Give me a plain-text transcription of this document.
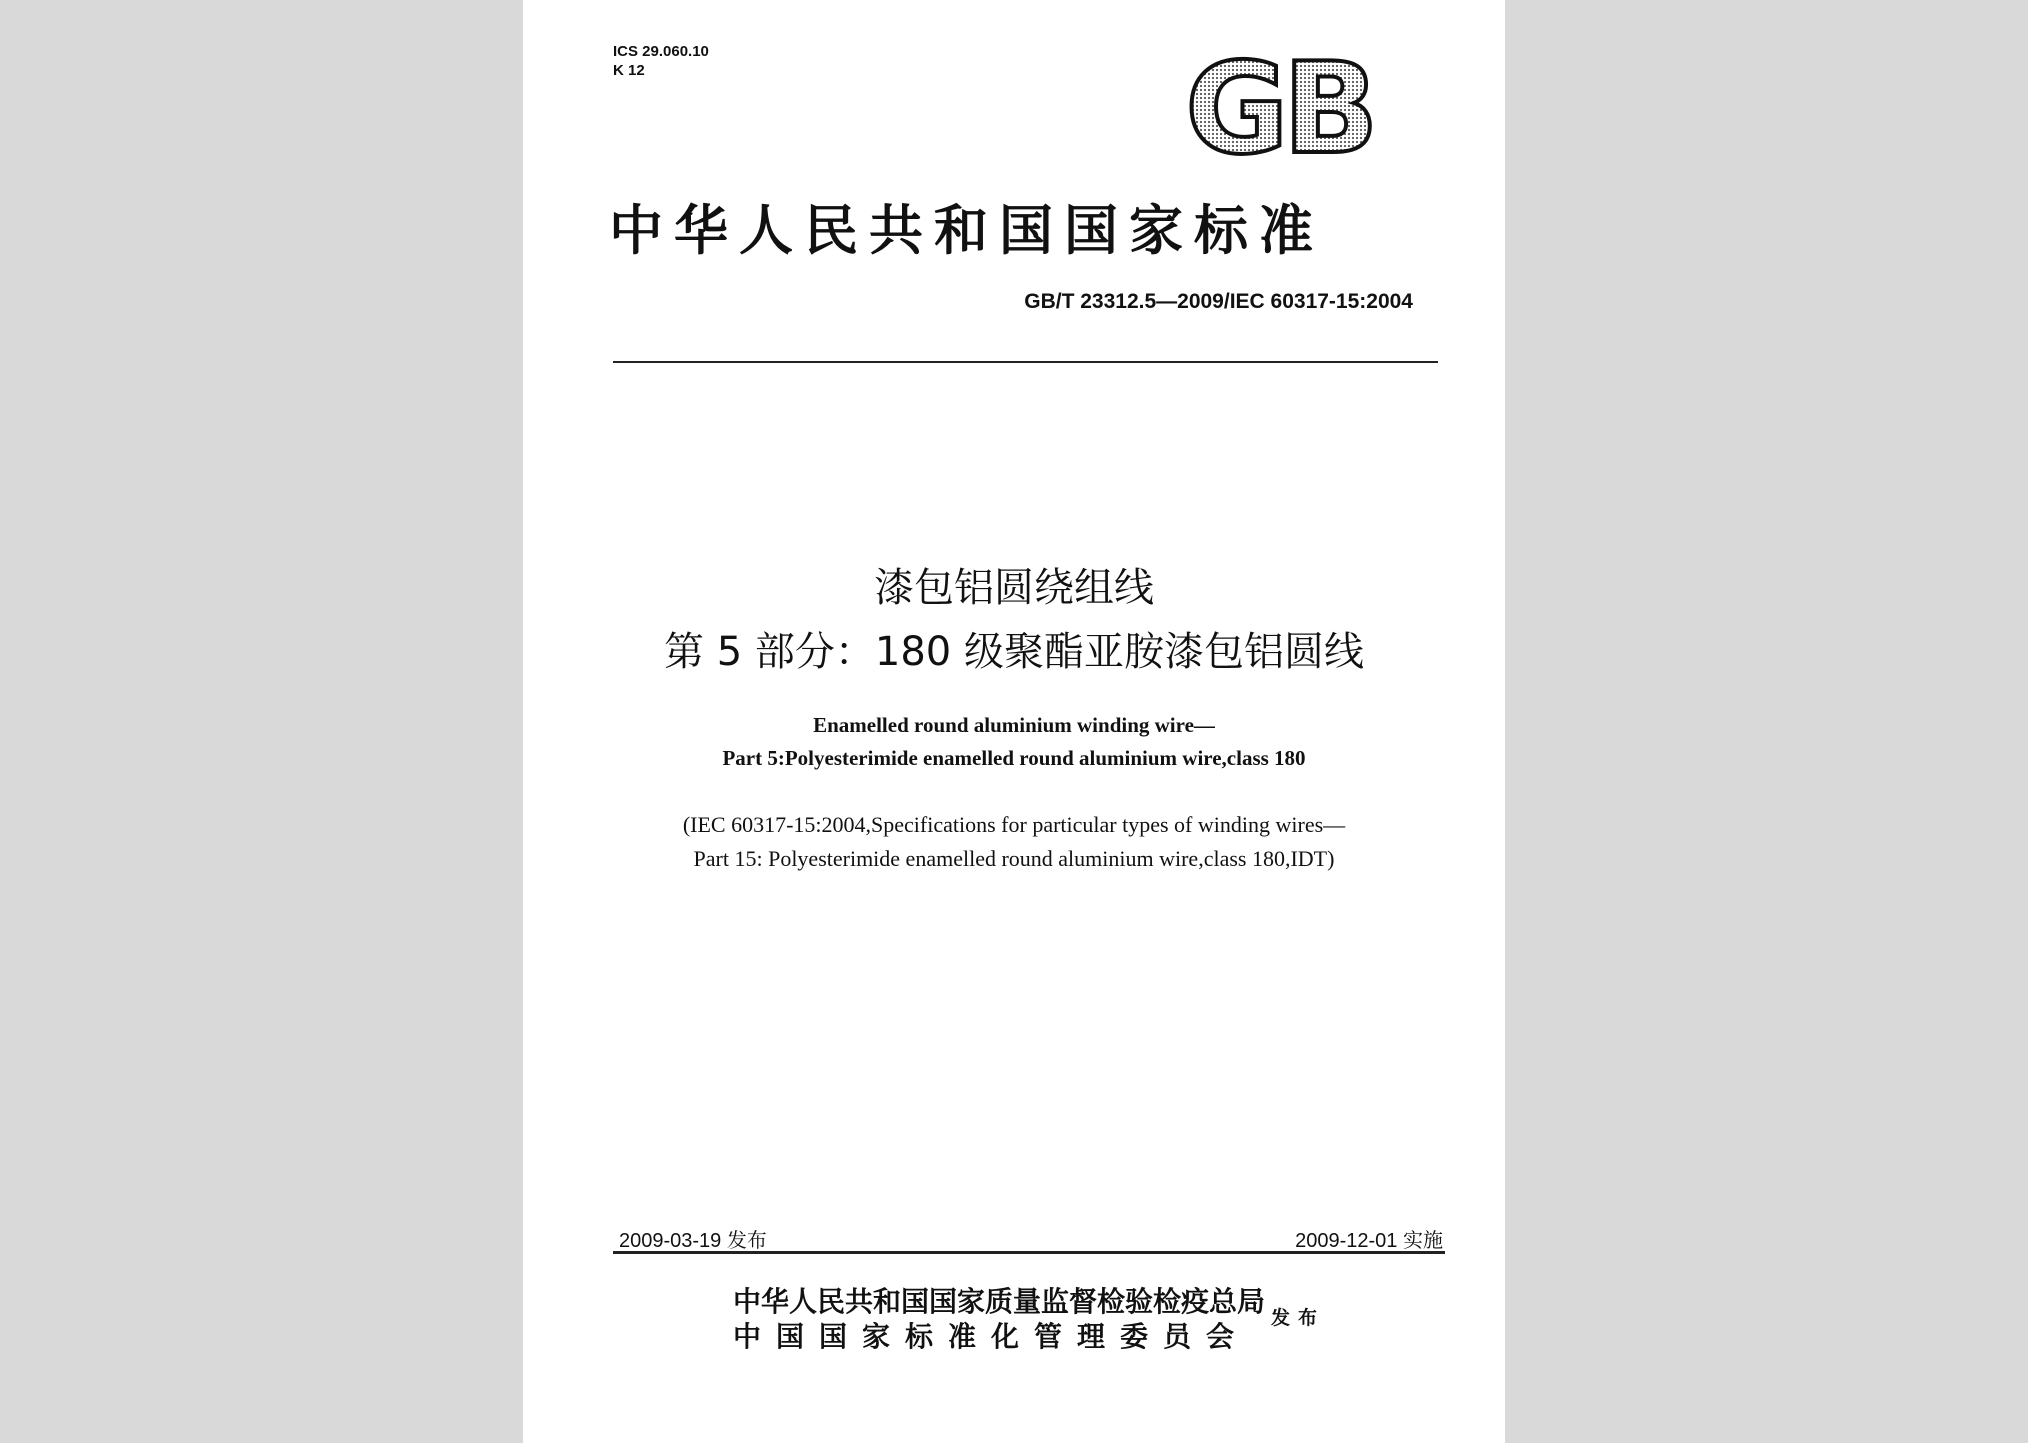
ICS 29.060.10
K 12	GB
中华人民共和国国家标准
GB/T 23312.5—2009/IEC 60317-15:2004
漆包铝圆绕组线
第 5 部分：180 级聚酯亚胺漆包铝圆线
Enamelled round aluminium winding wire—
Part 5:Polyesterimide enamelled round aluminium wire,class 180
(IEC 60317-15:2004,Specifications for particular types of winding wires—
Part 15: Polyesterimide enamelled round aluminium wire,class 180,IDT)
2009-03-19 发布	2009-12-01 实施
中华人民共和国国家质量监督检验检疫总局
中国国家标准化管理委员会
发布
